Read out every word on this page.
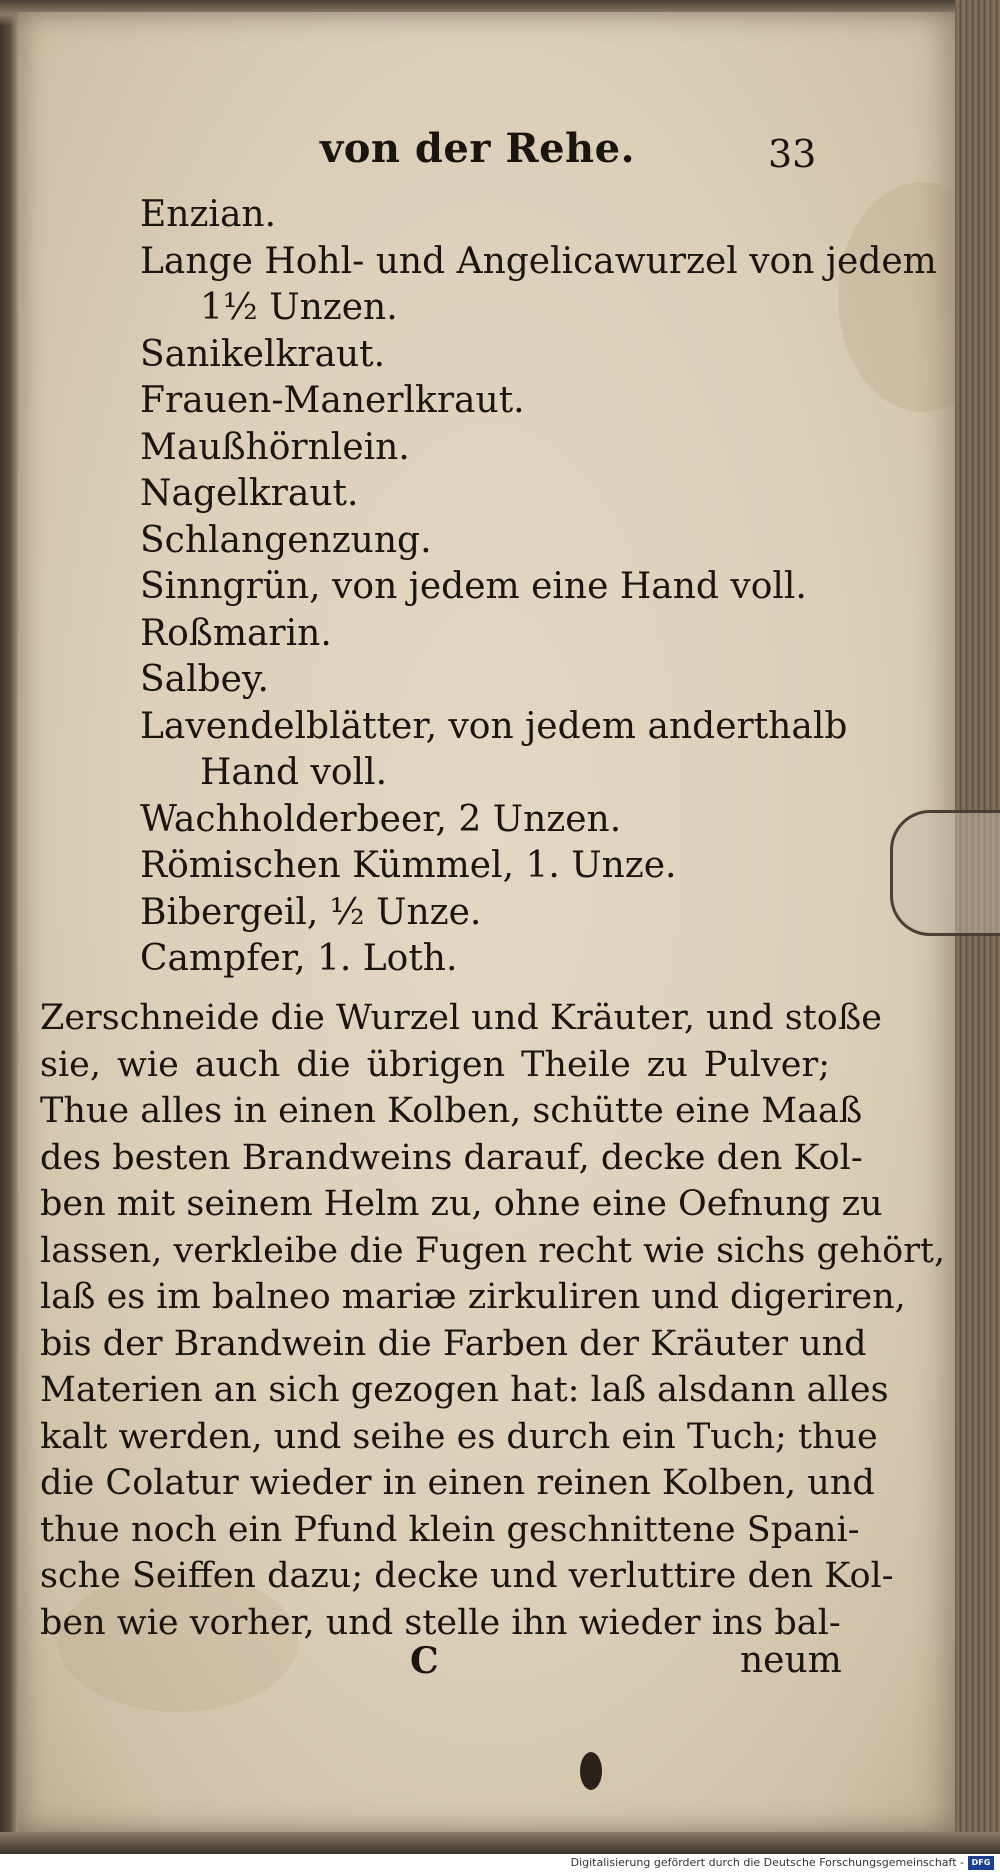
von der Rehe.	33
Enzian.
Lange Hohl- und Angelicawurzel von jedem
1½ Unzen.
Sanikelkraut.
Frauen-Manerlkraut.
Maußhörnlein.
Nagelkraut.
Schlangenzung.
Sinngrün, von jedem eine Hand voll.
Roßmarin.
Salbey.
Lavendelblätter, von jedem anderthalb
Hand voll.
Wachholderbeer, 2 Unzen.
Römischen Kümmel, 1. Unze.
Bibergeil, ½ Unze.
Campfer, 1. Loth.
Zerschneide die Wurzel und Kräuter, und stoße
sie, wie auch die übrigen Theile zu Pulver;
Thue alles in einen Kolben, schütte eine Maaß
des besten Brandweins darauf, decke den Kol-
ben mit seinem Helm zu, ohne eine Oefnung zu
lassen, verkleibe die Fugen recht wie sichs gehört,
laß es im balneo mariæ zirkuliren und digeriren,
bis der Brandwein die Farben der Kräuter und
Materien an sich gezogen hat: laß alsdann alles
kalt werden, und seihe es durch ein Tuch; thue
die Colatur wieder in einen reinen Kolben, und
thue noch ein Pfund klein geschnittene Spani-
sche Seiffen dazu; decke und verluttire den Kol-
ben wie vorher, und stelle ihn wieder ins bal-
C	neum
Digitalisierung gefördert durch die Deutsche Forschungsgemeinschaft - DFG
